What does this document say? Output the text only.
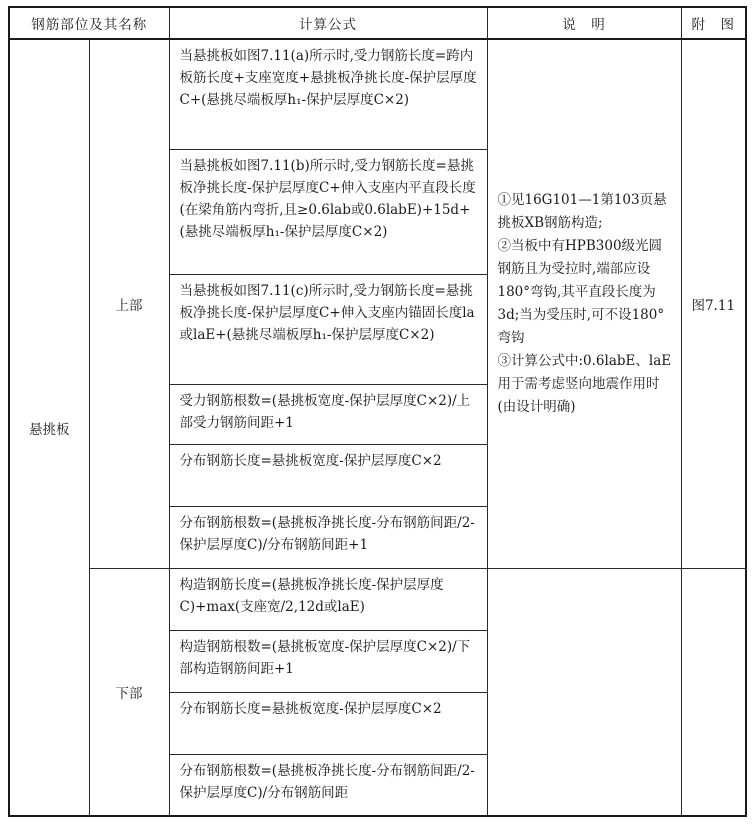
钢筋部位及其名称		计算公式	说　明	附　图
悬挑板	上部	当悬挑板如图7.11(a)所示时,受力钢筋长度=跨内板筋长度+支座宽度+悬挑板净挑长度-保护层厚度C+(悬挑尽端板厚h₁-保护层厚度C×2)	①见16G101—1第103页悬挑板XB钢筋构造;
②当板中有HPB300级光圆钢筋且为受拉时,端部应设180°弯钩,其平直段长度为3d;当为受压时,可不设180°弯钩
③计算公式中:0.6labE、laE用于需考虑竖向地震作用时(由设计明确)	图7.11
		当悬挑板如图7.11(b)所示时,受力钢筋长度=悬挑板净挑长度-保护层厚度C+伸入支座内平直段长度(在梁角筋内弯折,且≥0.6lab或0.6labE)+15d+(悬挑尽端板厚h₁-保护层厚度C×2)		
		当悬挑板如图7.11(c)所示时,受力钢筋长度=悬挑板净挑长度-保护层厚度C+伸入支座内锚固长度la或laE+(悬挑尽端板厚h₁-保护层厚度C×2)		
		受力钢筋根数=(悬挑板宽度-保护层厚度C×2)/上部受力钢筋间距+1		
		分布钢筋长度=悬挑板宽度-保护层厚度C×2		
		分布钢筋根数=(悬挑板净挑长度-分布钢筋间距/2-保护层厚度C)/分布钢筋间距+1		
	下部	构造钢筋长度=(悬挑板净挑长度-保护层厚度C)+max(支座宽/2,12d或laE)		
		构造钢筋根数=(悬挑板宽度-保护层厚度C×2)/下部构造钢筋间距+1		
		分布钢筋长度=悬挑板宽度-保护层厚度C×2		
		分布钢筋根数=(悬挑板净挑长度-分布钢筋间距/2-保护层厚度C)/分布钢筋间距		
